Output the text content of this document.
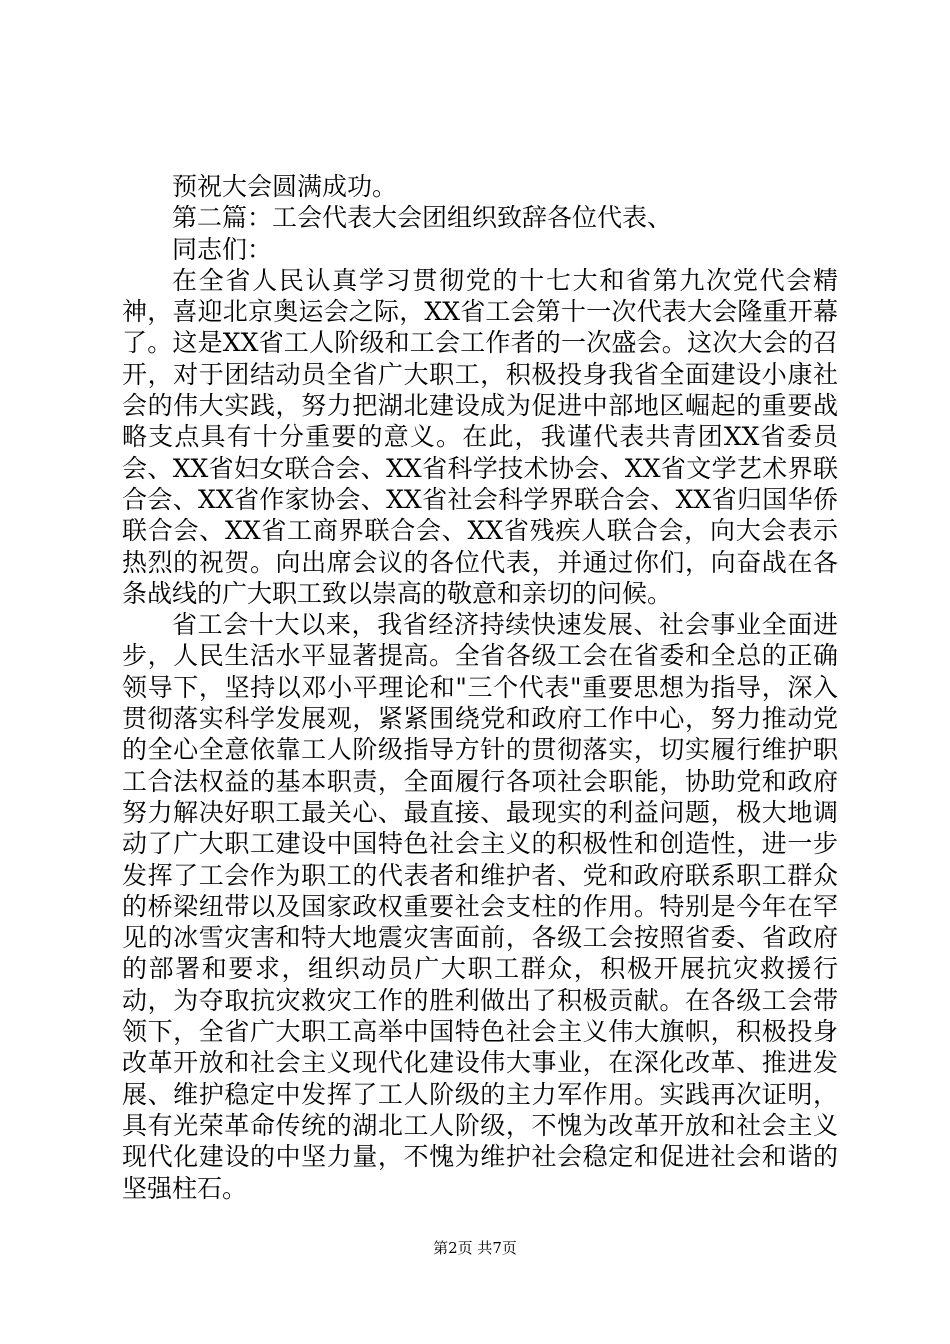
预祝大会圆满成功。

第二篇：工会代表大会团组织致辞各位代表、

同志们：

在全省人民认真学习贯彻党的十七大和省第九次党代会精神，喜迎北京奥运会之际，XX省工会第十一次代表大会隆重开幕了。这是XX省工人阶级和工会工作者的一次盛会。这次大会的召开，对于团结动员全省广大职工，积极投身我省全面建设小康社会的伟大实践，努力把湖北建设成为促进中部地区崛起的重要战略支点具有十分重要的意义。在此，我谨代表共青团XX省委员会、XX省妇女联合会、XX省科学技术协会、XX省文学艺术界联合会、XX省作家协会、XX省社会科学界联合会、XX省归国华侨联合会、XX省工商界联合会、XX省残疾人联合会，向大会表示热烈的祝贺。向出席会议的各位代表，并通过你们，向奋战在各条战线的广大职工致以崇高的敬意和亲切的问候。

省工会十大以来，我省经济持续快速发展、社会事业全面进步，人民生活水平显著提高。全省各级工会在省委和全总的正确领导下，坚持以邓小平理论和"三个代表"重要思想为指导，深入贯彻落实科学发展观，紧紧围绕党和政府工作中心，努力推动党的全心全意依靠工人阶级指导方针的贯彻落实，切实履行维护职工合法权益的基本职责，全面履行各项社会职能，协助党和政府努力解决好职工最关心、最直接、最现实的利益问题，极大地调动了广大职工建设中国特色社会主义的积极性和创造性，进一步发挥了工会作为职工的代表者和维护者、党和政府联系职工群众的桥梁纽带以及国家政权重要社会支柱的作用。特别是今年在罕见的冰雪灾害和特大地震灾害面前，各级工会按照省委、省政府的部署和要求，组织动员广大职工群众，积极开展抗灾救援行动，为夺取抗灾救灾工作的胜利做出了积极贡献。在各级工会带领下，全省广大职工高举中国特色社会主义伟大旗帜，积极投身改革开放和社会主义现代化建设伟大事业，在深化改革、推进发展、维护稳定中发挥了工人阶级的主力军作用。实践再次证明，具有光荣革命传统的湖北工人阶级，不愧为改革开放和社会主义现代化建设的中坚力量，不愧为维护社会稳定和促进社会和谐的坚强柱石。

第2页 共7页
